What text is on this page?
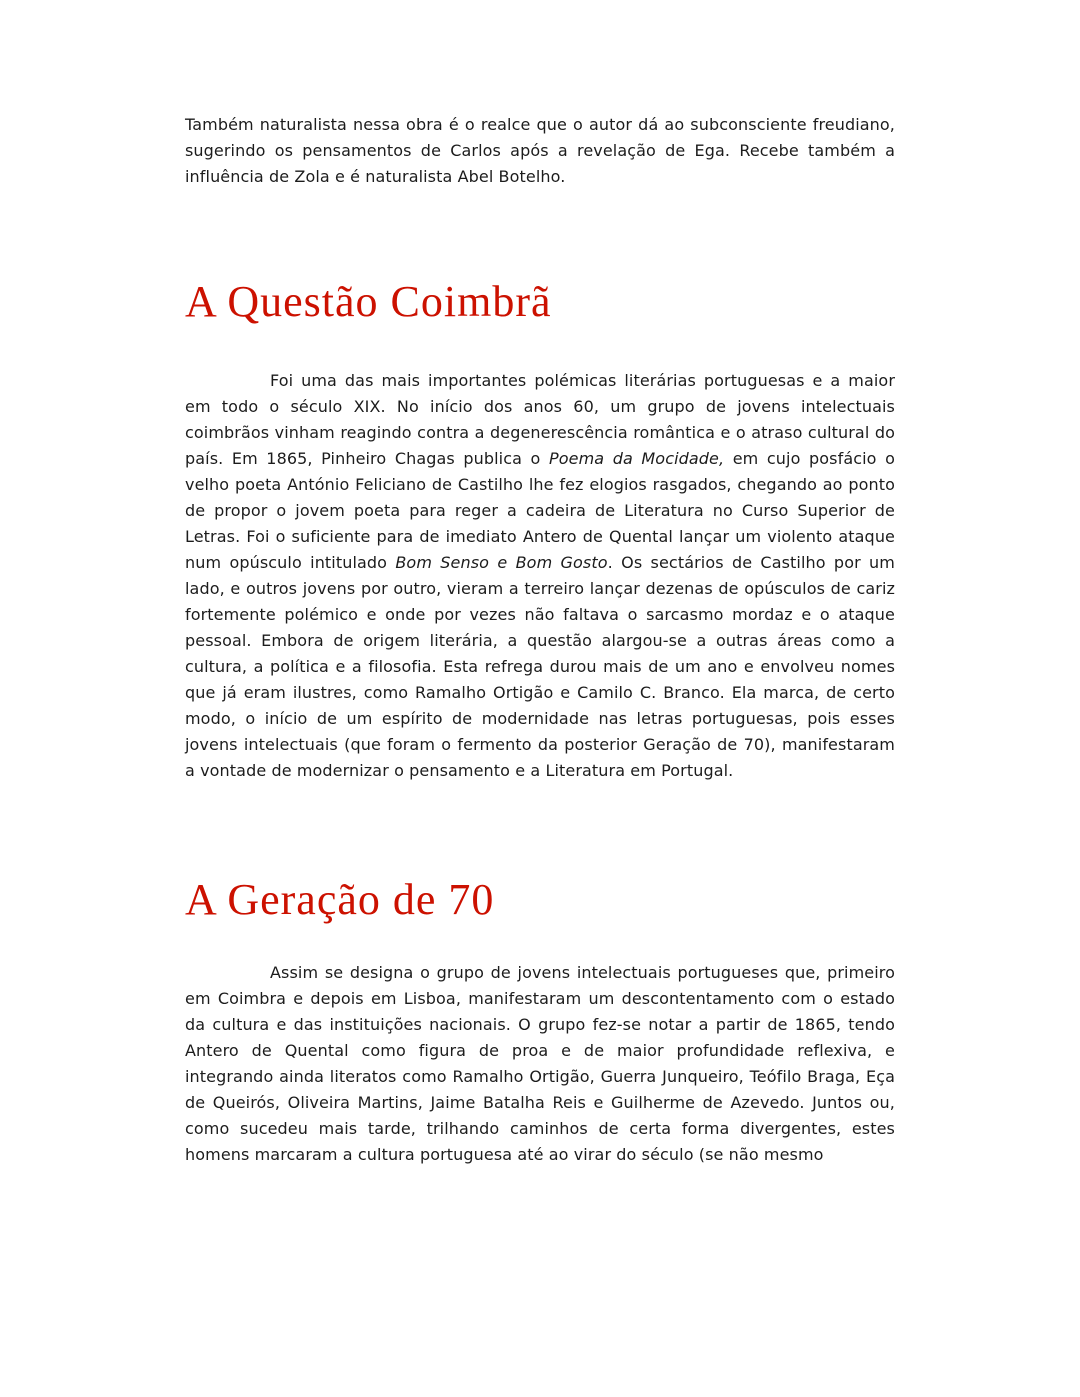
Também naturalista nessa obra é o realce que o autor dá ao subconsciente freudiano, sugerindo os pensamentos de Carlos após a revelação de Ega. Recebe também a influência de Zola e é naturalista Abel Botelho.

A Questão Coimbrã

Foi uma das mais importantes polémicas literárias portuguesas e a maior em todo o século XIX. No início dos anos 60, um grupo de jovens intelectuais coimbrãos vinham reagindo contra a degenerescência romântica e o atraso cultural do país. Em 1865, Pinheiro Chagas publica o Poema da Mocidade, em cujo posfácio o velho poeta António Feliciano de Castilho lhe fez elogios rasgados, chegando ao ponto de propor o jovem poeta para reger a cadeira de Literatura no Curso Superior de Letras. Foi o suficiente para de imediato Antero de Quental lançar um violento ataque num opúsculo intitulado Bom Senso e Bom Gosto. Os sectários de Castilho por um lado, e outros jovens por outro, vieram a terreiro lançar dezenas de opúsculos de cariz fortemente polémico e onde por vezes não faltava o sarcasmo mordaz e o ataque pessoal. Embora de origem literária, a questão alargou-se a outras áreas como a cultura, a política e a filosofia. Esta refrega durou mais de um ano e envolveu nomes que já eram ilustres, como Ramalho Ortigão e Camilo C. Branco. Ela marca, de certo modo, o início de um espírito de modernidade nas letras portuguesas, pois esses jovens intelectuais (que foram o fermento da posterior Geração de 70), manifestaram a vontade de modernizar o pensamento e a Literatura em Portugal.

A Geração de 70

Assim se designa o grupo de jovens intelectuais portugueses que, primeiro em Coimbra e depois em Lisboa, manifestaram um descontentamento com o estado da cultura e das instituições nacionais. O grupo fez-se notar a partir de 1865, tendo Antero de Quental como figura de proa e de maior profundidade reflexiva, e integrando ainda literatos como Ramalho Ortigão, Guerra Junqueiro, Teófilo Braga, Eça de Queirós, Oliveira Martins, Jaime Batalha Reis e Guilherme de Azevedo. Juntos ou, como sucedeu mais tarde, trilhando caminhos de certa forma divergentes, estes homens marcaram a cultura portuguesa até ao virar do século (se não mesmo
